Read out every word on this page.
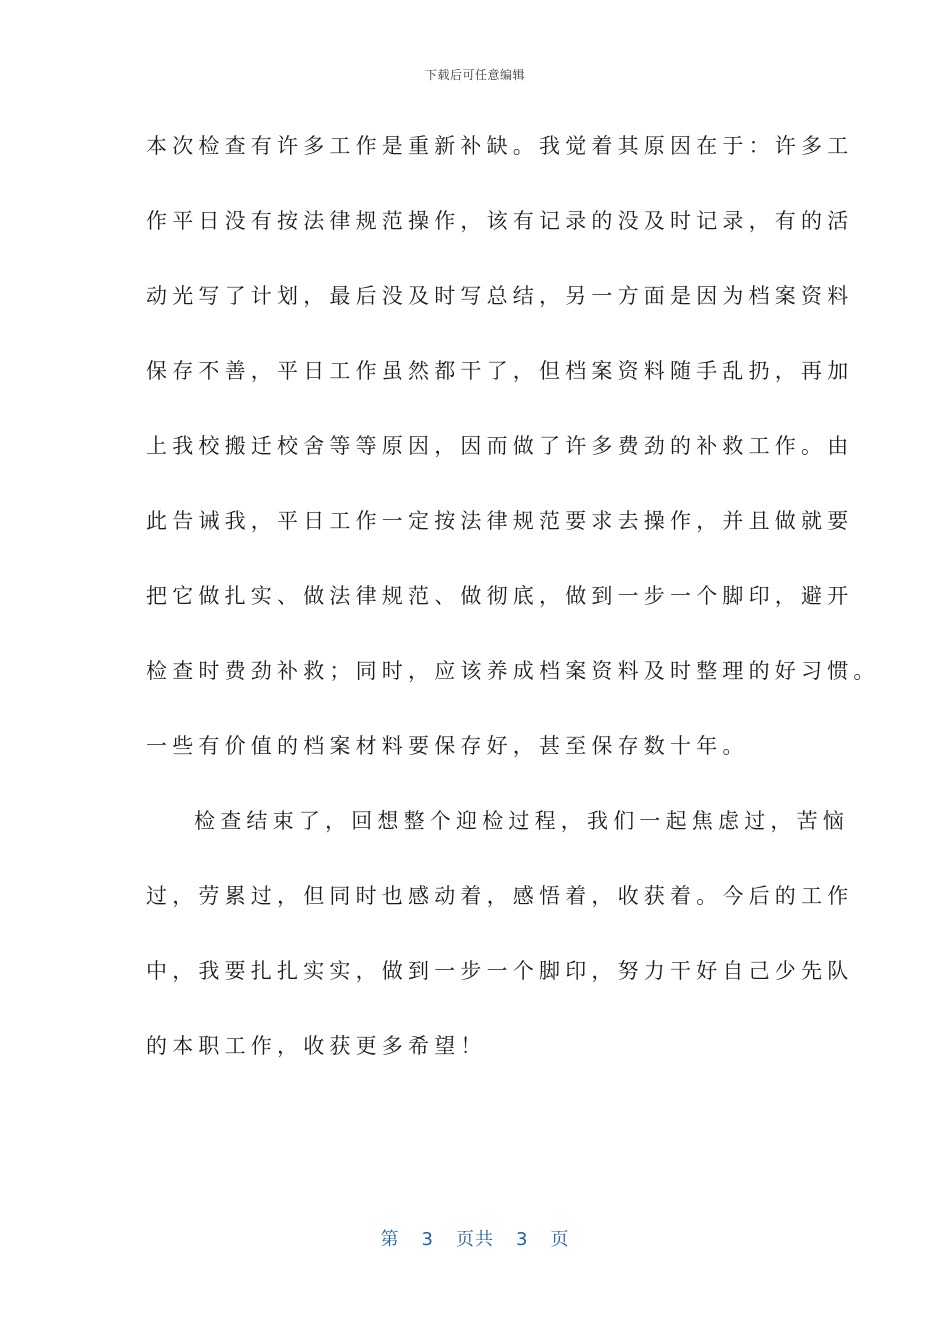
下载后可任意编辑
本次检查有许多工作是重新补缺。我觉着其原因在于：许多工
作平日没有按法律规范操作，该有记录的没及时记录，有的活
动光写了计划，最后没及时写总结，另一方面是因为档案资料
保存不善，平日工作虽然都干了，但档案资料随手乱扔，再加
上我校搬迁校舍等等原因，因而做了许多费劲的补救工作。由
此告诫我，平日工作一定按法律规范要求去操作，并且做就要
把它做扎实、做法律规范、做彻底，做到一步一个脚印，避开
检查时费劲补救；同时，应该养成档案资料及时整理的好习惯。
一些有价值的档案材料要保存好，甚至保存数十年。
检查结束了，回想整个迎检过程，我们一起焦虑过，苦恼
过，劳累过，但同时也感动着，感悟着，收获着。今后的工作
中，我要扎扎实实，做到一步一个脚印，努力干好自己少先队
的本职工作，收获更多希望！
第 3 页共 3 页
